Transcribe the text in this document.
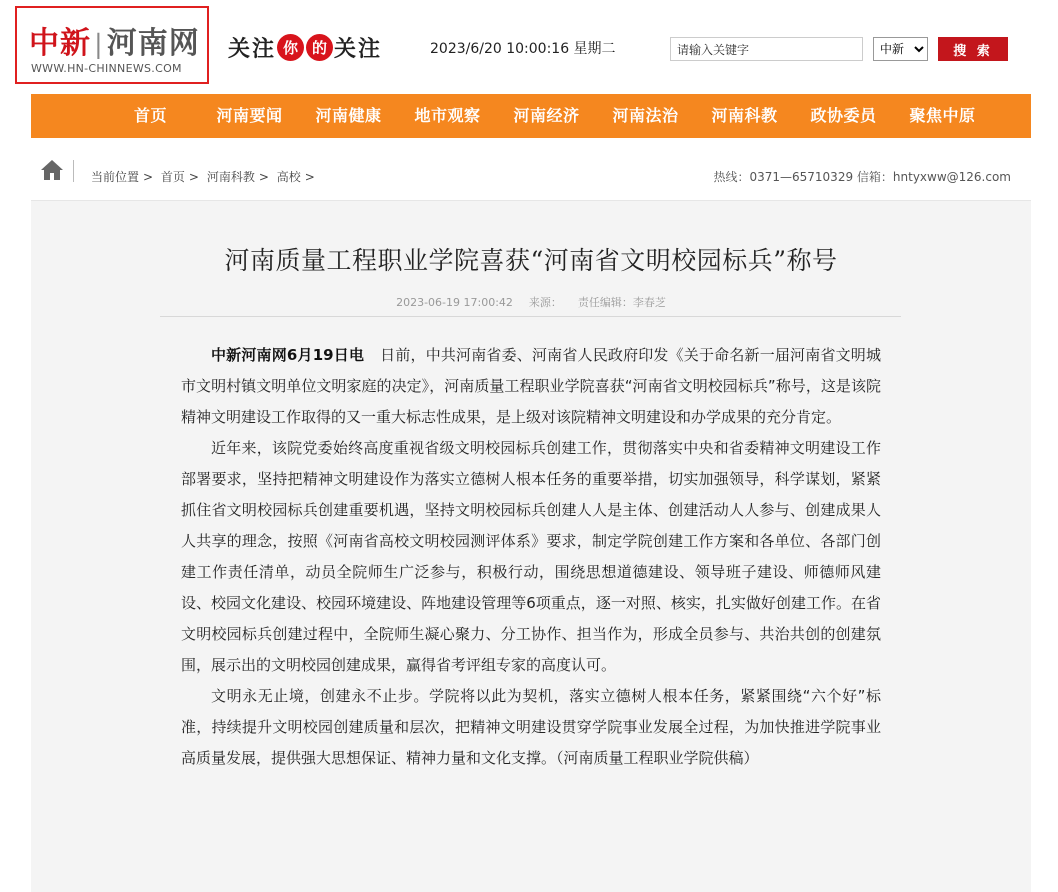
中新 | 河南网
WWW.HN-CHINNEWS.COM
关注 你 的 关注	2023/6/20 10:00:16 星期二
请输入关键字
中新	搜 索
首页	河南要闻	河南健康	地市观察	河南经济	河南法治	河南科教	政协委员	聚焦中原
当前位置 > 首页 > 河南科教 > 高校 >	热线：0371—65710329 信箱：hntyxww@126.com
河南质量工程职业学院喜获“河南省文明校园标兵”称号
2023-06-19 17:00:42 来源： 责任编辑：李春芝

中新河南网6月19日电 日前，中共河南省委、河南省人民政府印发《关于命名新一届河南省文明城市文明村镇文明单位文明家庭的决定》，河南质量工程职业学院喜获“河南省文明校园标兵”称号，这是该院精神文明建设工作取得的又一重大标志性成果，是上级对该院精神文明建设和办学成果的充分肯定。

近年来，该院党委始终高度重视省级文明校园标兵创建工作，贯彻落实中央和省委精神文明建设工作部署要求，坚持把精神文明建设作为落实立德树人根本任务的重要举措，切实加强领导，科学谋划，紧紧抓住省文明校园标兵创建重要机遇，坚持文明校园标兵创建人人是主体、创建活动人人参与、创建成果人人共享的理念，按照《河南省高校文明校园测评体系》要求，制定学院创建工作方案和各单位、各部门创建工作责任清单，动员全院师生广泛参与，积极行动，围绕思想道德建设、领导班子建设、师德师风建设、校园文化建设、校园环境建设、阵地建设管理等6项重点，逐一对照、核实，扎实做好创建工作。在省文明校园标兵创建过程中，全院师生凝心聚力、分工协作、担当作为，形成全员参与、共治共创的创建氛围，展示出的文明校园创建成果，赢得省考评组专家的高度认可。

文明永无止境，创建永不止步。学院将以此为契机，落实立德树人根本任务，紧紧围绕“六个好”标准，持续提升文明校园创建质量和层次，把精神文明建设贯穿学院事业发展全过程，为加快推进学院事业高质量发展，提供强大思想保证、精神力量和文化支撑。（河南质量工程职业学院供稿）
